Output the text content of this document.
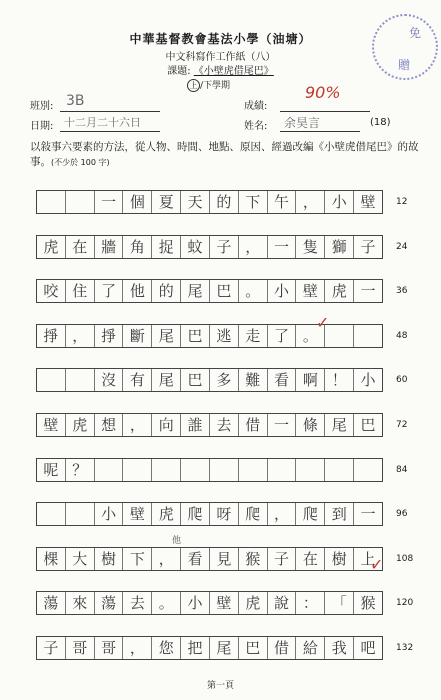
中華基督教會基法小學（油塘）
中文科寫作工作紙（八）
課題: 《小壁虎借尾巴》
上 /下學期
免
贈
班別: 3B
日期: 十二月二十六日
成績:
90%
姓名: 余昊言	(18)
以敍事六要素的方法，從人物、時間、地點、原因、經過改編《小壁虎借尾巴》的故事。(不少於 100 字)
一 個 夏 天 的 下 午 ， 小 壁	12
虎 在 牆 角 捉 蚊 子 ， 一 隻 獅 子	24
咬 住 了 他 的 尾 巴 。 小 壁 虎 一	36
掙 ， 掙 斷 尾 巴 逃 走 了 。	48
沒 有 尾 巴 多 難 看 啊 ！ 小	60
壁 虎 想 ， 向 誰 去 借 一 條 尾 巴	72
呢 ？	84
小 壁 虎 爬 呀 爬 ， 爬 到 一	96
棵 大 樹 下 ， 看 見 猴 子 在 樹 上	108
蕩 來 蕩 去 。 小 壁 虎 說 ： 「 猴	120
子 哥 哥 ， 您 把 尾 巴 借 給 我 吧	132
他
✓
✓
第一頁
